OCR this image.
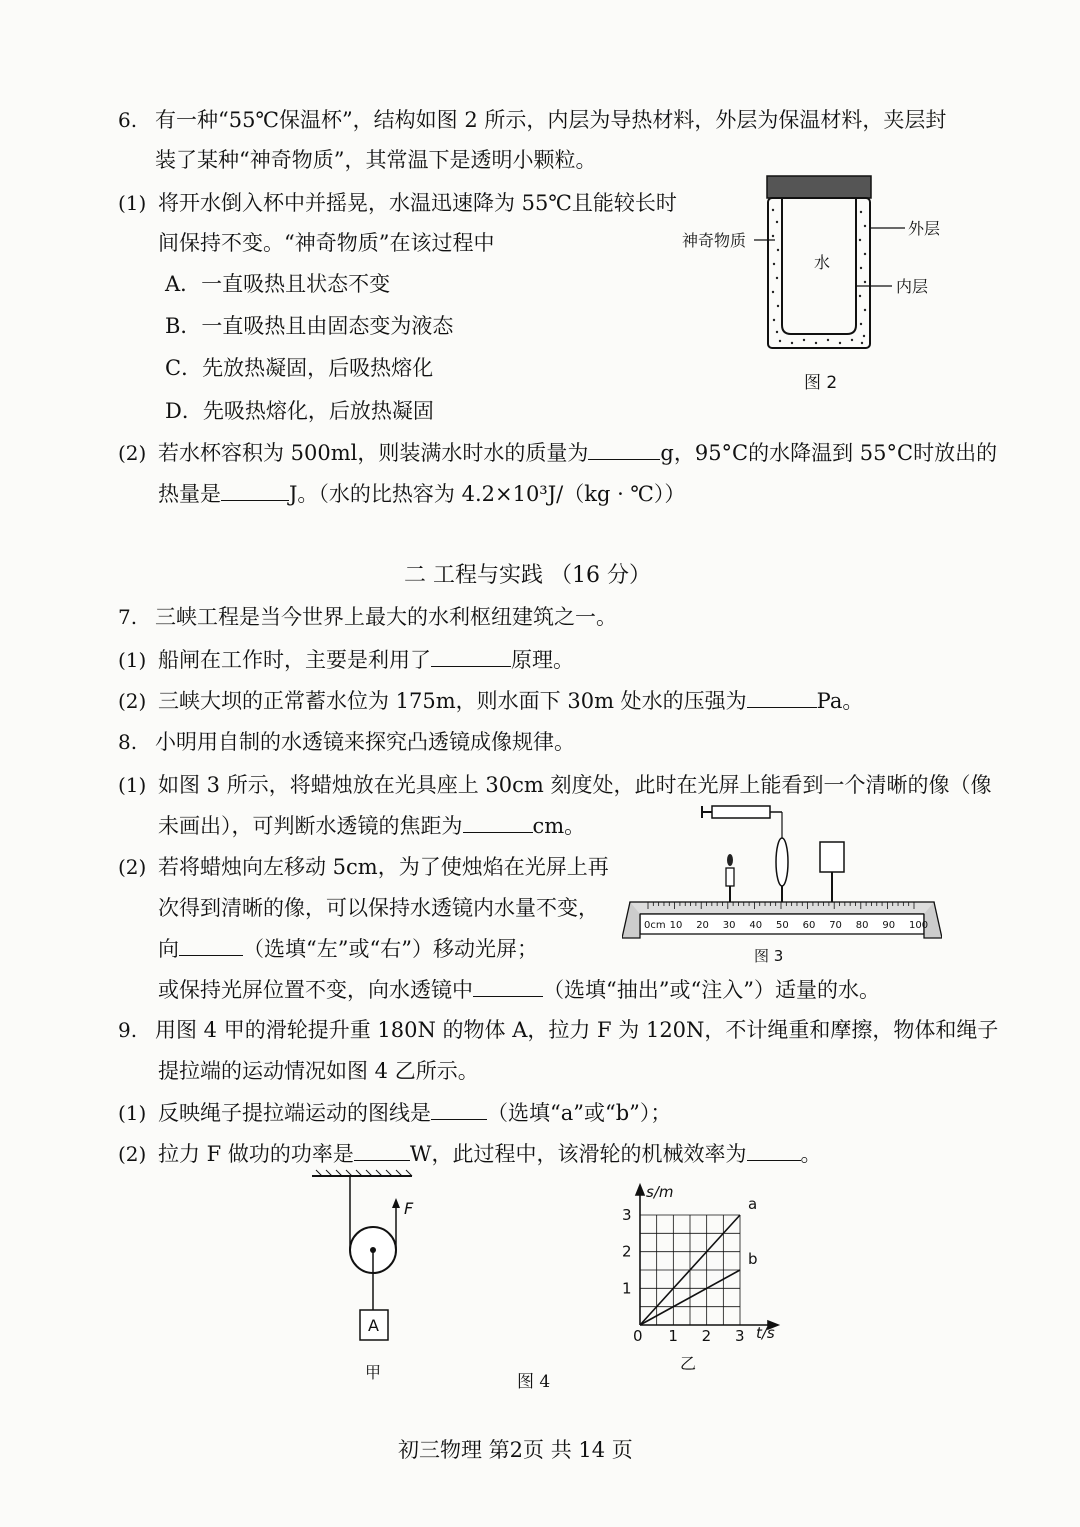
6. 有一种“55℃保温杯”，结构如图 2 所示，内层为导热材料，外层为保温材料，夹层封
装了某种“神奇物质”，其常温下是透明小颗粒。
(1) 将开水倒入杯中并摇晃，水温迅速降为 55℃且能较长时
间保持不变。“神奇物质”在该过程中
A．一直吸热且状态不变
B．一直吸热且由固态变为液态
C．先放热凝固，后吸热熔化
D．先吸热熔化，后放热凝固
(2) 若水杯容积为 500ml，则装满水时水的质量为	g，95°C的水降温到 55°C时放出的
热量是	J。（水的比热容为 4.2×10³J/（kg · ℃））
神奇物质
外层
水
内层
图 2
二 工程与实践 （16 分）
7. 三峡工程是当今世界上最大的水利枢纽建筑之一。
(1) 船闸在工作时，主要是利用了	原理。
(2) 三峡大坝的正常蓄水位为 175m，则水面下 30m 处水的压强为	Pa。
8. 小明用自制的水透镜来探究凸透镜成像规律。
(1) 如图 3 所示，将蜡烛放在光具座上 30cm 刻度处，此时在光屏上能看到一个清晰的像（像
未画出），可判断水透镜的焦距为	cm。
(2) 若将蜡烛向左移动 5cm，为了使烛焰在光屏上再
次得到清晰的像，可以保持水透镜内水量不变，
向	（选填“左”或“右”）移动光屏；
或保持光屏位置不变，向水透镜中	（选填“抽出”或“注入”）适量的水。
0cm 10 20 30 40 50 60 70 80 90 100
图 3
9. 用图 4 甲的滑轮提升重 180N 的物体 A，拉力 F 为 120N，不计绳重和摩擦，物体和绳子
提拉端的运动情况如图 4 乙所示。
(1) 反映绳子提拉端运动的图线是	（选填“a”或“b”）；
(2) 拉力 F 做功的功率是	W，此过程中，该滑轮的机械效率为	。
F
A
甲	图 4
a
b
0 1 2 3
1
2
3
s/m
t/s
乙
初三物理 第2页 共 14 页
